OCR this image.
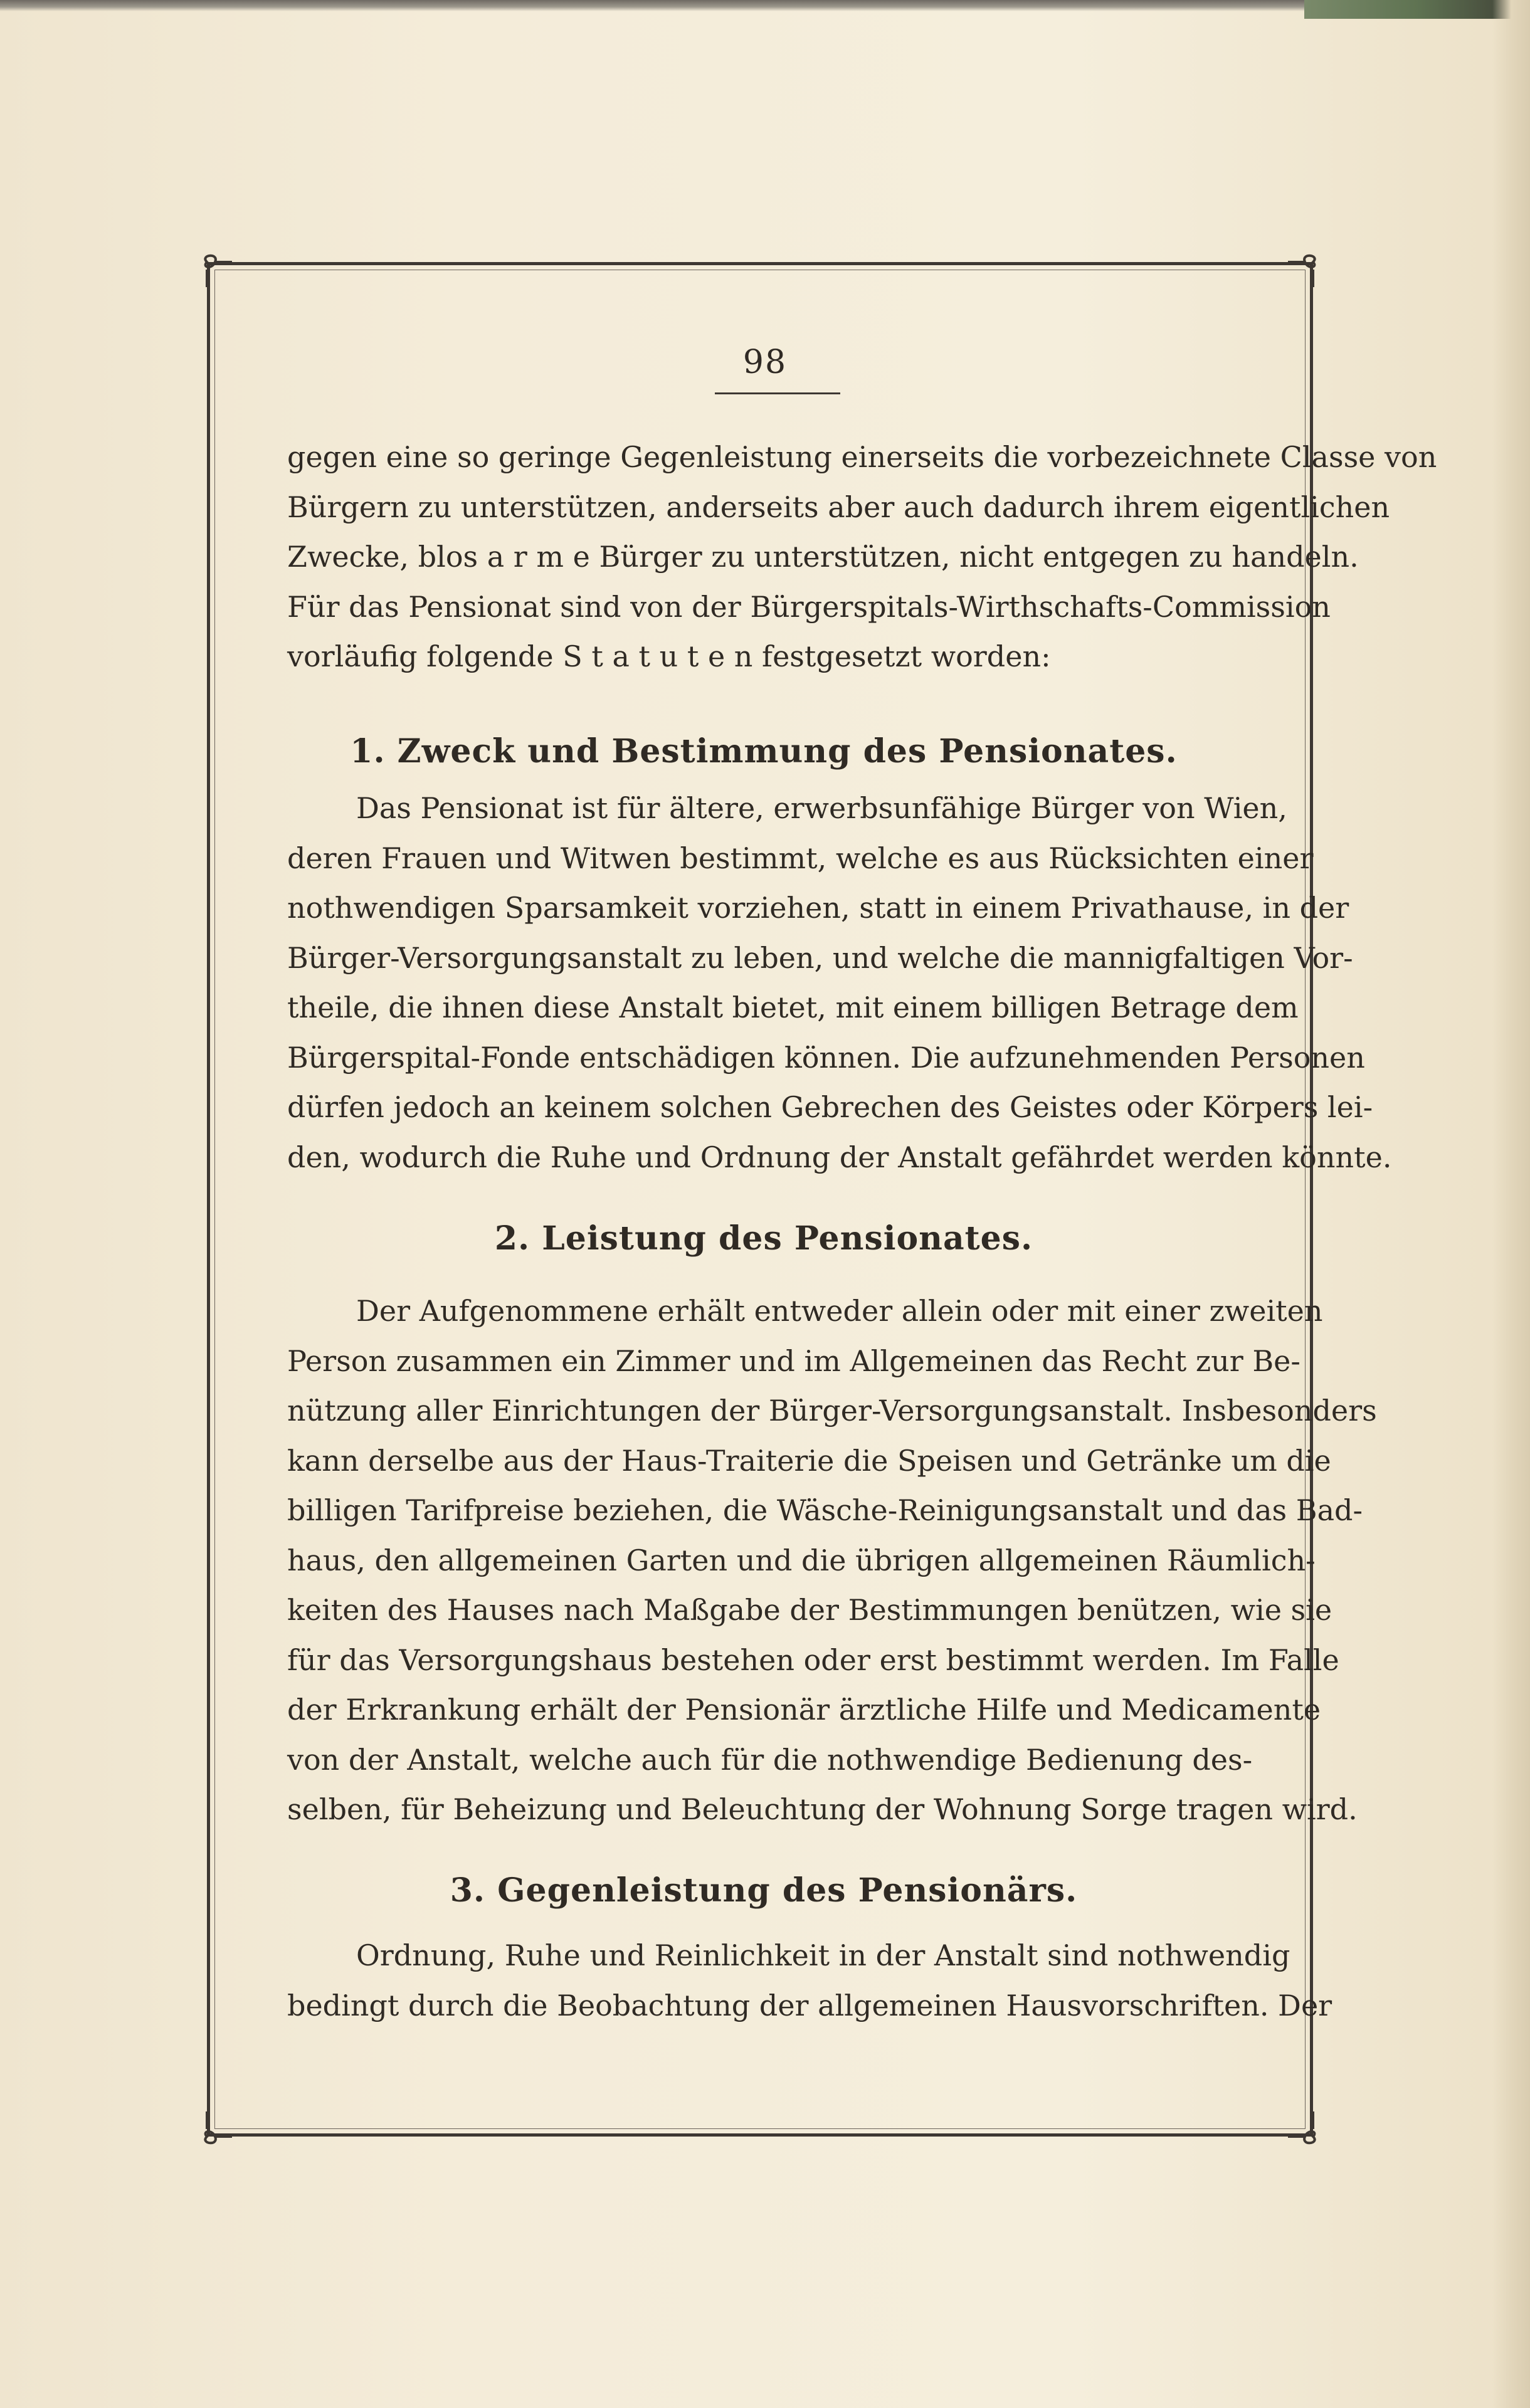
98
gegen eine so geringe Gegenleistung einerseits die vorbezeichnete Classe von
Bürgern zu unterstützen, anderseits aber auch dadurch ihrem eigentlichen
Zwecke, blos a r m e Bürger zu unterstützen, nicht entgegen zu handeln.
Für das Pensionat sind von der Bürgerspitals-Wirthschafts-Commission
vorläufig folgende S t a t u t e n festgesetzt worden:
1. Zweck und Bestimmung des Pensionates.
Das Pensionat ist für ältere, erwerbsunfähige Bürger von Wien,
deren Frauen und Witwen bestimmt, welche es aus Rücksichten einer
nothwendigen Sparsamkeit vorziehen, statt in einem Privathause, in der
Bürger-Versorgungsanstalt zu leben, und welche die mannigfaltigen Vor-
theile, die ihnen diese Anstalt bietet, mit einem billigen Betrage dem
Bürgerspital-Fonde entschädigen können. Die aufzunehmenden Personen
dürfen jedoch an keinem solchen Gebrechen des Geistes oder Körpers lei-
den, wodurch die Ruhe und Ordnung der Anstalt gefährdet werden könnte.
2. Leistung des Pensionates.
Der Aufgenommene erhält entweder allein oder mit einer zweiten
Person zusammen ein Zimmer und im Allgemeinen das Recht zur Be-
nützung aller Einrichtungen der Bürger-Versorgungsanstalt. Insbesonders
kann derselbe aus der Haus-Traiterie die Speisen und Getränke um die
billigen Tarifpreise beziehen, die Wäsche-Reinigungsanstalt und das Bad-
haus, den allgemeinen Garten und die übrigen allgemeinen Räumlich-
keiten des Hauses nach Maßgabe der Bestimmungen benützen, wie sie
für das Versorgungshaus bestehen oder erst bestimmt werden. Im Falle
der Erkrankung erhält der Pensionär ärztliche Hilfe und Medicamente
von der Anstalt, welche auch für die nothwendige Bedienung des-
selben, für Beheizung und Beleuchtung der Wohnung Sorge tragen wird.
3. Gegenleistung des Pensionärs.
Ordnung, Ruhe und Reinlichkeit in der Anstalt sind nothwendig
bedingt durch die Beobachtung der allgemeinen Hausvorschriften. Der
